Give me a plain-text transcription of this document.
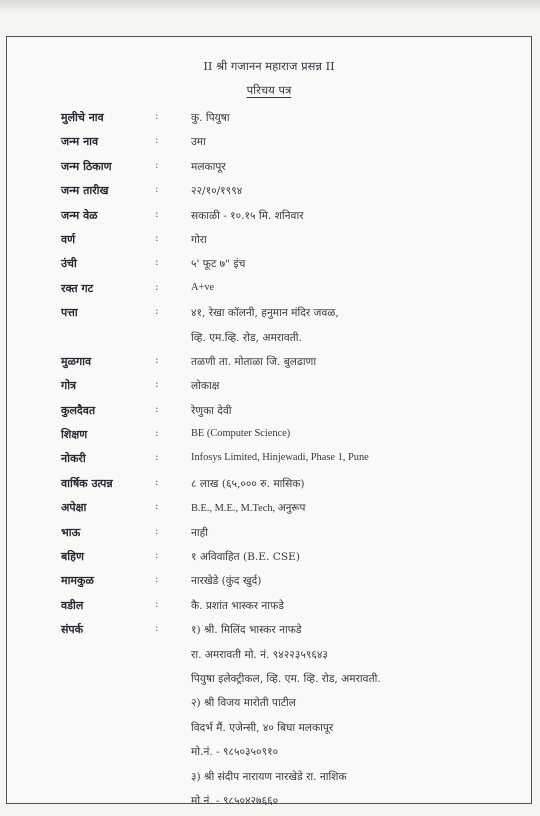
II श्री गजानन महाराज प्रसन्न II
परिचय पत्र
मुलीचे नाव	:	कु. पियुषा
जन्म नाव	:	उमा
जन्म ठिकाण	:	मलकापूर
जन्म तारीख	:	२२/१०/१९९४
जन्म वेळ	:	सकाळी - १०.१५ मि. शनिवार
वर्ण	:	गोरा
उंची	:	५' फूट ७" इंच
रक्त गट	:	A+ve
पत्ता	:	४१, रेखा कॉलनी, हनुमान मंदिर जवळ,
व्हि. एम.व्हि. रोड, अमरावती.
मुळगाव	:	तळणी ता. मोताळा जि. बुलढाणा
गोत्र	:	लोकाक्ष
कुलदैवत	:	रेणुका देवी
शिक्षण	:	BE (Computer Science)
नोकरी	:	Infosys Limited, Hinjewadi, Phase 1, Pune
वार्षिक उत्पन्न	:	८ लाख (६५,००० रु. मासिक)
अपेक्षा	:	B.E., M.E., M.Tech, अनुरूप
भाऊ	:	नाही
बहिण	:	१ अविवाहित (B.E. CSE)
मामकुळ	:	नारखेडे (कुंद खुर्द)
वडील	:	कै. प्रशांत भास्कर नाफडे
संपर्क	:	१) श्री. मिलिंद भास्कर नाफडे
रा. अमरावती मो. नं. ९४२२३५९६४३
पियुषा इलेक्ट्रीकल, व्हि. एम. व्हि. रोड, अमरावती.
२) श्री विजय मारोती पाटील
विदर्भ मैं. एजेन्सी, ४० बिघा मलकापूर
मो.नं. - ९८५०३५०९१०
३) श्री संदीप नारायण नारखेडे रा. नाशिक
मो.नं. - ९८५०४२७६६०
